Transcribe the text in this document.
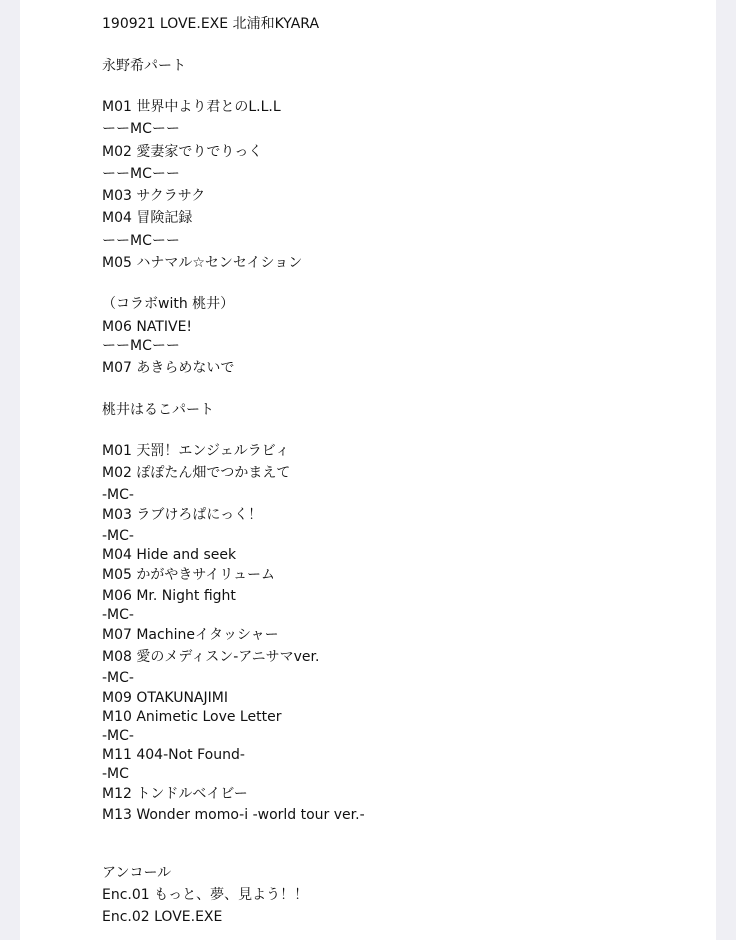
190921 LOVE.EXE 北浦和KYARA
永野希パート
M01 世界中より君とのL.L.L
ーーMCーー
M02 愛妻家でりでりっく
ーーMCーー
M03 サクラサク
M04 冒険記録
ーーMCーー
M05 ハナマル☆センセイション
（コラボwith 桃井）
M06 NATIVE!
ーーMCーー
M07 あきらめないで
桃井はるこパート
M01 天罰！エンジェルラビィ
M02 ぽぽたん畑でつかまえて
-MC-
M03 ラブけろぱにっく！
-MC-
M04 Hide and seek
M05 かがやきサイリューム
M06 Mr. Night fight
-MC-
M07 Machineイタッシャー
M08 愛のメディスン-アニサマver.
-MC-
M09 OTAKUNAJIMI
M10 Animetic Love Letter
-MC-
M11 404-Not Found-
-MC
M12 トンドルベイビー
M13 Wonder momo-i -world tour ver.-
アンコール
Enc.01 もっと、夢、見よう！！
Enc.02 LOVE.EXE
